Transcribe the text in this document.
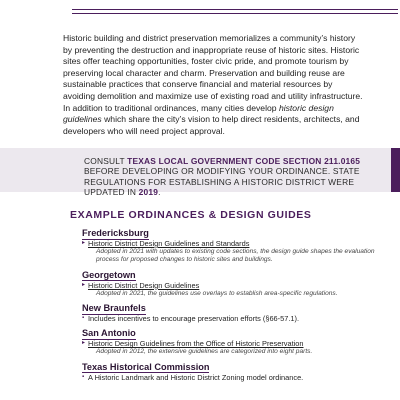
Historic building and district preservation memorializes a community’s history by preventing the destruction and inappropriate reuse of historic sites. Historic sites offer teaching opportunities, foster civic pride, and promote tourism by preserving local character and charm. Preservation and building reuse are sustainable practices that conserve financial and material resources by avoiding demolition and maximize use of existing road and utility infrastructure. In addition to traditional ordinances, many cities develop historic design guidelines which share the city’s vision to help direct residents, architects, and developers who will need project approval.

CONSULT TEXAS LOCAL GOVERNMENT CODE SECTION 211.0165 BEFORE DEVELOPING OR MODIFYING YOUR ORDINANCE. STATE REGULATIONS FOR ESTABLISHING A HISTORIC DISTRICT WERE UPDATED IN 2019.
EXAMPLE ORDINANCES & DESIGN GUIDES

Fredericksburg

▸ Historic District Design Guidelines and Standards

Adopted in 2021 with updates to existing code sections, the design guide shapes the evaluation process for proposed changes to historic sites and buildings.

Georgetown

▸ Historic District Design Guidelines

Adopted in 2021, the guidelines use overlays to establish area-specific regulations.

New Braunfels

▪ Includes incentives to encourage preservation efforts (§66-57.1).

San Antonio

▸ Historic Design Guidelines from the Office of Historic Preservation

Adopted in 2012, the extensive guidelines are categorized into eight parts.

Texas Historical Commission

▪ A Historic Landmark and Historic District Zoning model ordinance.
